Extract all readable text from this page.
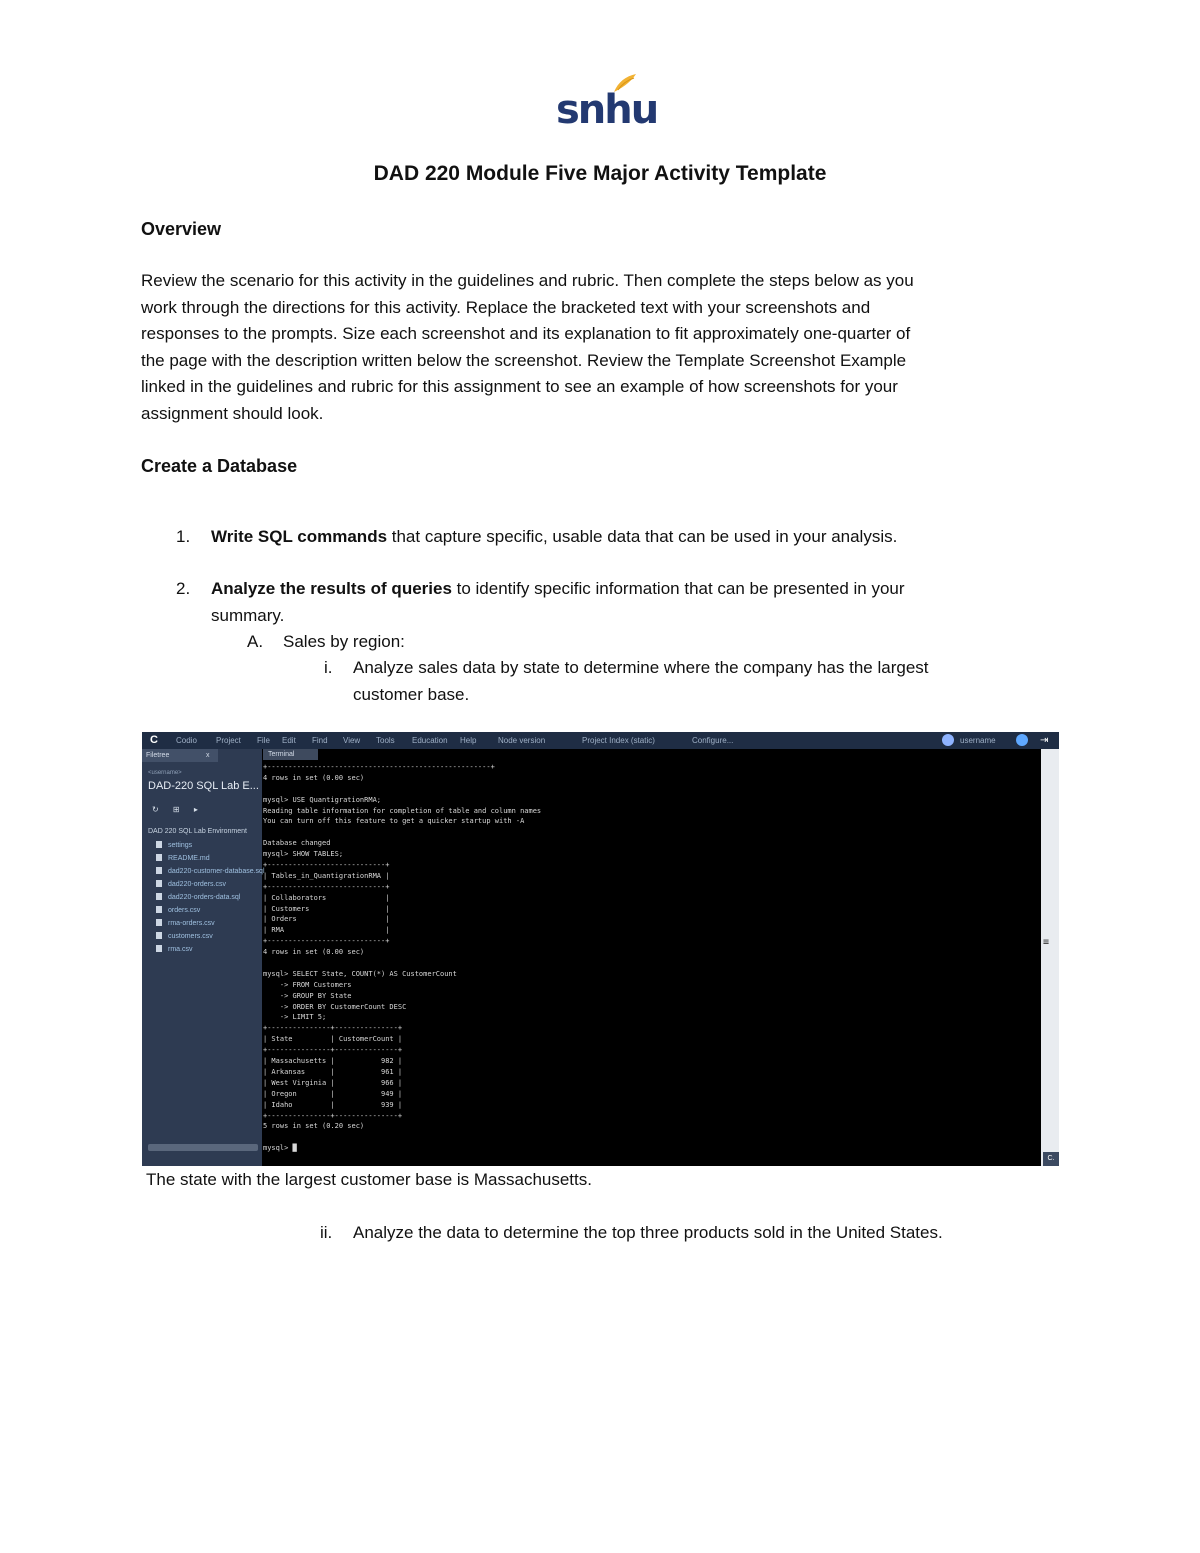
snhu
DAD 220 Module Five Major Activity Template
Overview
Review the scenario for this activity in the guidelines and rubric. Then complete the steps below as you
work through the directions for this activity. Replace the bracketed text with your screenshots and
responses to the prompts. Size each screenshot and its explanation to fit approximately one-quarter of
the page with the description written below the screenshot. Review the Template Screenshot Example
linked in the guidelines and rubric for this assignment to see an example of how screenshots for your
assignment should look.
Create a Database
1. Write SQL commands that capture specific, usable data that can be used in your analysis.
2. Analyze the results of queries to identify specific information that can be presented in your
summary.
A. Sales by region:
i. Analyze sales data by state to determine where the company has the largest
customer base.
C Codio Project File Edit Find View Tools Education Help	Node version	Project Index (static)	Configure...	username	⇥
Filetree	x
<username>
DAD-220 SQL Lab E...
↻ ⊞ ▸
DAD 220 SQL Lab Environment
settings
README.md
dad220-customer-database.sql
dad220-orders.csv
dad220-orders-data.sql
orders.csv
rma-orders.csv
customers.csv
rma.csv
Terminal
+-----------------------------------------------------+
4 rows in set (0.00 sec)
mysql> USE QuantigrationRMA;
Reading table information for completion of table and column names
You can turn off this feature to get a quicker startup with -A
Database changed
mysql> SHOW TABLES;
+----------------------------+
| Tables_in_QuantigrationRMA |
+----------------------------+
| Collaborators              |
| Customers                  |
| Orders                     |
| RMA                        |
+----------------------------+
4 rows in set (0.00 sec)
mysql> SELECT State, COUNT(*) AS CustomerCount
-> FROM Customers
-> GROUP BY State
-> ORDER BY CustomerCount DESC
-> LIMIT 5;
+---------------+---------------+
| State         | CustomerCount |
+---------------+---------------+
| Massachusetts |           982 |
| Arkansas      |           961 |
| West Virginia |           966 |
| Oregon        |           949 |
| Idaho         |           939 |
+---------------+---------------+
5 rows in set (0.20 sec)
mysql> █
≡
C.
The state with the largest customer base is Massachusetts.
ii. Analyze the data to determine the top three products sold in the United States.
